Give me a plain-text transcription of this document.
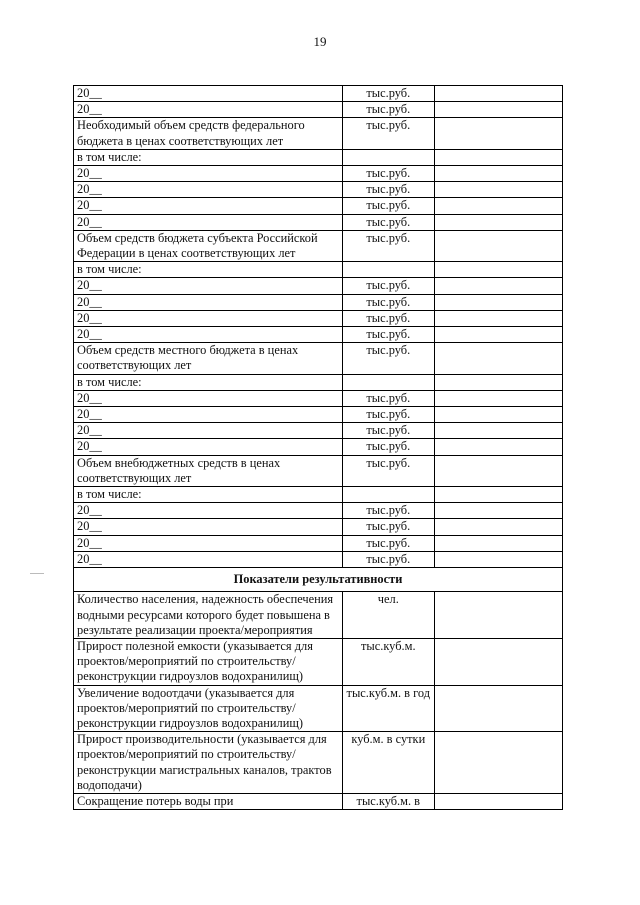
19
20__	тыс.руб.	
20__	тыс.руб.	
Необходимый объем средств федерального бюджета в ценах соответствующих лет	тыс.руб.	
в том числе:		
20__	тыс.руб.	
20__	тыс.руб.	
20__	тыс.руб.	
20__	тыс.руб.	
Объем средств бюджета субъекта Российской Федерации в ценах соответствующих лет	тыс.руб.	
в том числе:		
20__	тыс.руб.	
20__	тыс.руб.	
20__	тыс.руб.	
20__	тыс.руб.	
Объем средств местного бюджета в ценах соответствующих лет	тыс.руб.	
в том числе:		
20__	тыс.руб.	
20__	тыс.руб.	
20__	тыс.руб.	
20__	тыс.руб.	
Объем внебюджетных средств в ценах соответствующих лет	тыс.руб.	
в том числе:		
20__	тыс.руб.	
20__	тыс.руб.	
20__	тыс.руб.	
20__	тыс.руб.	
Показатели результативности		
Количество населения, надежность обеспечения водными ресурсами которого будет повышена в результате реализации проекта/мероприятия	чел.	
Прирост полезной емкости (указывается для проектов/мероприятий по строительству/реконструкции гидроузлов водохранилищ)	тыс.куб.м.	
Увеличение водоотдачи (указывается для проектов/мероприятий по строительству/реконструкции гидроузлов водохранилищ)	тыс.куб.м. в год	
Прирост производительности (указывается для проектов/мероприятий по строительству/реконструкции магистральных каналов, трактов водоподачи)	куб.м. в сутки	
Сокращение потерь воды при	тыс.куб.м. в	
